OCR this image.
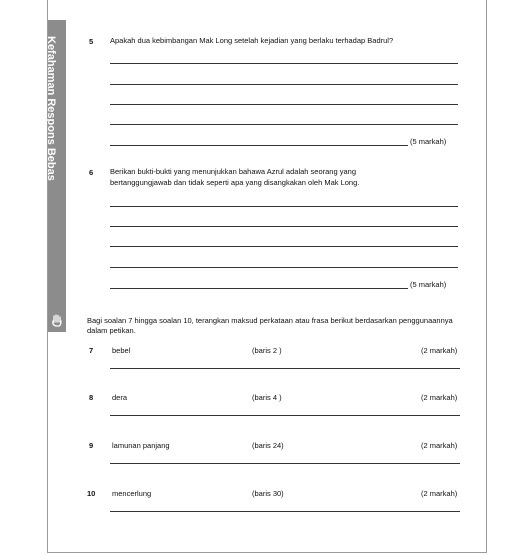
Kefahaman Respons Bebas	5 Apakah dua kebimbangan Mak Long setelah kejadian yang berlaku terhadap Badrul?
(5 markah)
6 Berikan bukti-bukti yang menunjukkan bahawa Azrul adalah seorang yang
bertanggungjawab dan tidak seperti apa yang disangkakan oleh Mak Long.
(5 markah)
Bagi soalan 7 hingga soalan 10, terangkan maksud perkataan atau frasa berikut berdasarkan penggunaannya dalam petikan.
7	bebel	(baris 2 )	(2 markah)
8	dera	(baris 4 )	(2 markah)
9	lamunan panjang	(baris 24)	(2 markah)
10 mencerlung	(baris 30)	(2 markah)
